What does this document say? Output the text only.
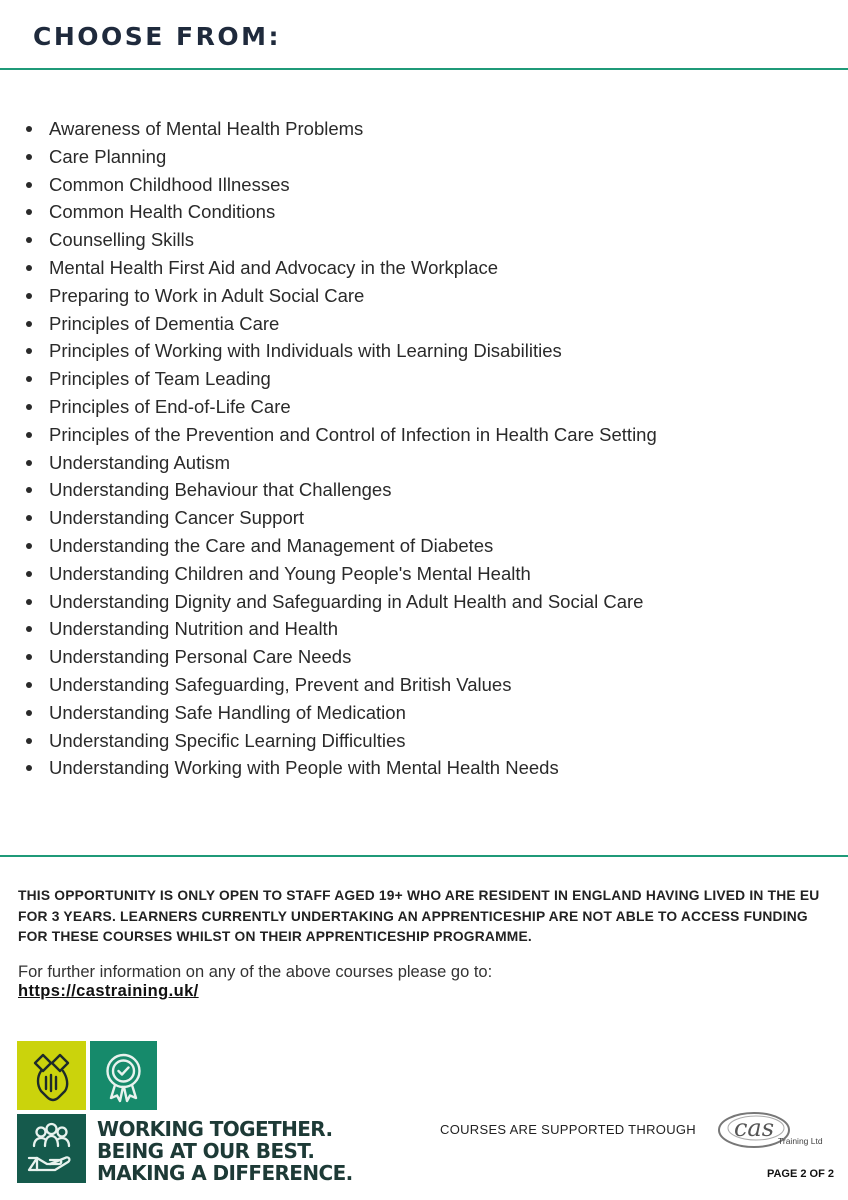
CHOOSE FROM:
Awareness of Mental Health Problems
Care Planning
Common Childhood Illnesses
Common Health Conditions
Counselling Skills
Mental Health First Aid and Advocacy in the Workplace
Preparing to Work in Adult Social Care
Principles of Dementia Care
Principles of Working with Individuals with Learning Disabilities
Principles of Team Leading
Principles of End-of-Life Care
Principles of the Prevention and Control of Infection in Health Care Setting
Understanding Autism
Understanding Behaviour that Challenges
Understanding Cancer Support
Understanding the Care and Management of Diabetes
Understanding Children and Young People's Mental Health
Understanding Dignity and Safeguarding in Adult Health and Social Care
Understanding Nutrition and Health
Understanding Personal Care Needs
Understanding Safeguarding, Prevent and British Values
Understanding Safe Handling of Medication
Understanding Specific Learning Difficulties
Understanding Working with People with Mental Health Needs

THIS OPPORTUNITY IS ONLY OPEN TO STAFF AGED 19+ WHO ARE RESIDENT IN ENGLAND HAVING LIVED IN THE EU FOR 3 YEARS. LEARNERS CURRENTLY UNDERTAKING AN APPRENTICESHIP ARE NOT ABLE TO ACCESS FUNDING FOR THESE COURSES WHILST ON THEIR APPRENTICESHIP PROGRAMME.

For further information on any of the above courses please go to:

https://castraining.uk/
WORKING TOGETHER.
BEING AT OUR BEST.
MAKING A DIFFERENCE.
COURSES ARE SUPPORTED THROUGH cas Training Ltd
PAGE 2 OF 2
